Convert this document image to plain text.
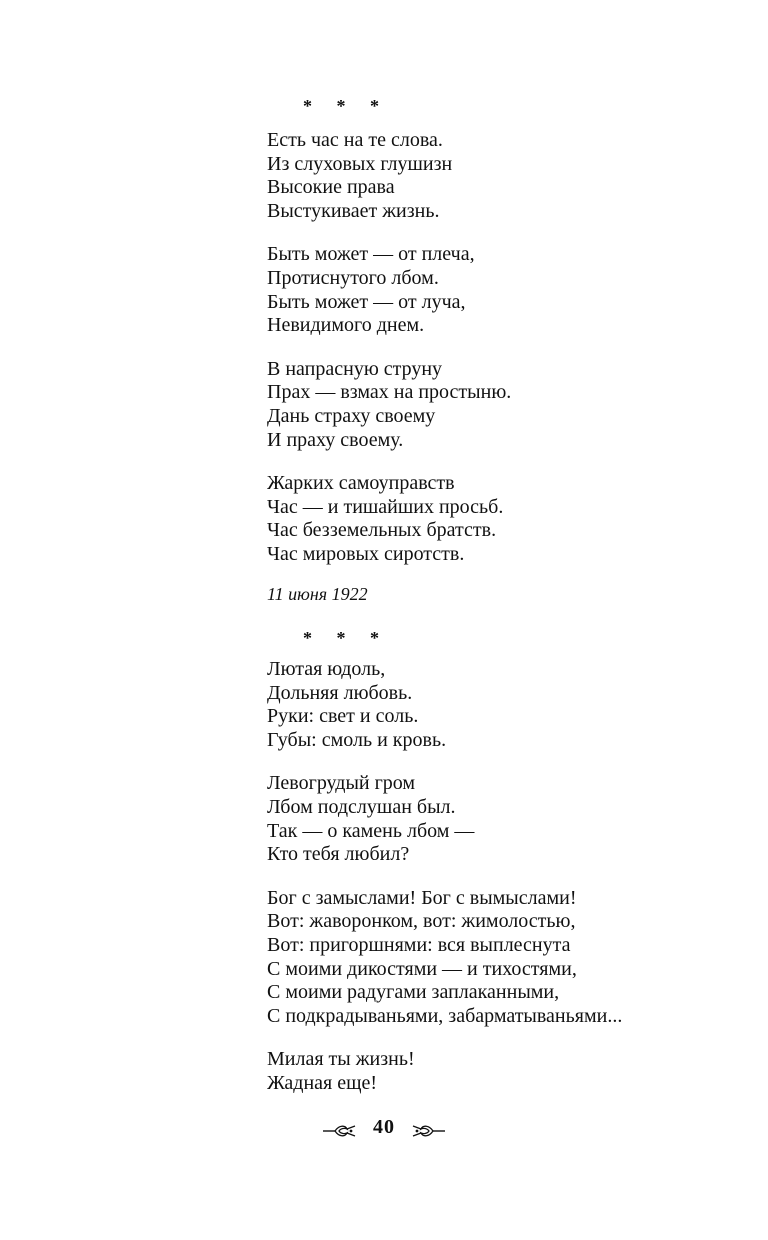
* * *
Есть час на те слова.
Из слуховых глушизн
Высокие права
Выстукивает жизнь.
Быть может — от плеча,
Протиснутого лбом.
Быть может — от луча,
Невидимого днем.
В напрасную струну
Прах — взмах на простыню.
Дань страху своему
И праху своему.
Жарких самоуправств
Час — и тишайших просьб.
Час безземельных братств.
Час мировых сиротств.
11 июня 1922
* * *
Лютая юдоль,
Дольняя любовь.
Руки: свет и соль.
Губы: смоль и кровь.
Левогрудый гром
Лбом подслушан был.
Так — о камень лбом —
Кто тебя любил?
Бог с замыслами! Бог с вымыслами!
Вот: жаворонком, вот: жимолостью,
Вот: пригоршнями: вся выплеснута
С моими дикостями — и тихостями,
С моими радугами заплаканными,
С подкрадываньями, забарматываньями...
Милая ты жизнь!
Жадная еще!
40
